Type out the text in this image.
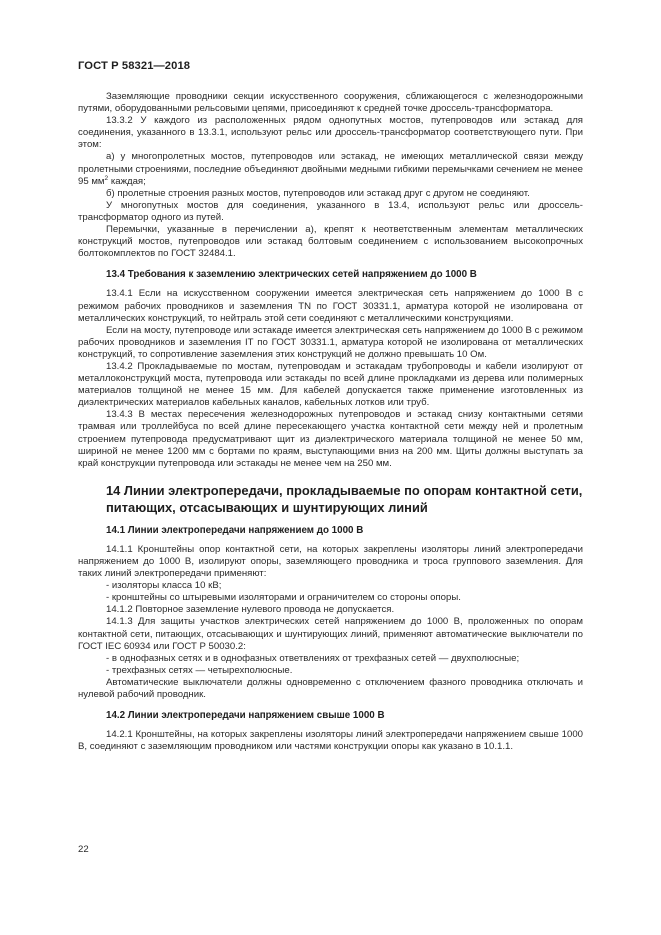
ГОСТ Р 58321—2018

Заземляющие проводники секции искусственного сооружения, сближающегося с железнодорожными путями, оборудованными рельсовыми цепями, присоединяют к средней точке дроссель-трансформатора.

13.3.2 У каждого из расположенных рядом однопутных мостов, путепроводов или эстакад для соединения, указанного в 13.3.1, используют рельс или дроссель-трансформатор соответствующего пути. При этом:

а) у многопролетных мостов, путепроводов или эстакад, не имеющих металлической связи между пролетными строениями, последние объединяют двойными медными гибкими перемычками сечением не менее 95 $мм^2$ каждая;

б) пролетные строения разных мостов, путепроводов или эстакад друг с другом не соединяют.

У многопутных мостов для соединения, указанного в 13.4, используют рельс или дроссель-трансформатор одного из путей.

Перемычки, указанные в перечислении а), крепят к неответственным элементам металлических конструкций мостов, путепроводов или эстакад болтовым соединением с использованием высокопрочных болтокомплектов по ГОСТ 32484.1.

13.4 Требования к заземлению электрических сетей напряжением до 1000 В

13.4.1 Если на искусственном сооружении имеется электрическая сеть напряжением до 1000 В с режимом рабочих проводников и заземления TN по ГОСТ 30331.1, арматура которой не изолирована от металлических конструкций, то нейтраль этой сети соединяют с металлическими конструкциями.

Если на мосту, путепроводе или эстакаде имеется электрическая сеть напряжением до 1000 В с режимом рабочих проводников и заземления IT по ГОСТ 30331.1, арматура которой не изолирована от металлических конструкций, то сопротивление заземления этих конструкций не должно превышать 10 Ом.

13.4.2 Прокладываемые по мостам, путепроводам и эстакадам трубопроводы и кабели изолируют от металлоконструкций моста, путепровода или эстакады по всей длине прокладками из дерева или полимерных материалов толщиной не менее 15 мм. Для кабелей допускается также применение изготовленных из диэлектрических материалов кабельных каналов, кабельных лотков или труб.

13.4.3 В местах пересечения железнодорожных путепроводов и эстакад снизу контактными сетями трамвая или троллейбуса по всей длине пересекающего участка контактной сети между ней и пролетным строением путепровода предусматривают щит из диэлектрического материала толщиной не менее 50 мм, шириной не менее 1200 мм с бортами по краям, выступающими вниз на 200 мм. Щиты должны выступать за край конструкции путепровода или эстакады не менее чем на 250 мм.

14 Линии электропередачи, прокладываемые по опорам контактной сети, питающих, отсасывающих и шунтирующих линий

14.1 Линии электропередачи напряжением до 1000 В

14.1.1 Кронштейны опор контактной сети, на которых закреплены изоляторы линий электропередачи напряжением до 1000 В, изолируют опоры, заземляющего проводника и троса группового заземления. Для таких линий электропередачи применяют:

- изоляторы класса 10 кВ;

- кронштейны со штыревыми изоляторами и ограничителем со стороны опоры.

14.1.2 Повторное заземление нулевого провода не допускается.

14.1.3 Для защиты участков электрических сетей напряжением до 1000 В, проложенных по опорам контактной сети, питающих, отсасывающих и шунтирующих линий, применяют автоматические выключатели по ГОСТ IEC 60934 или ГОСТ Р 50030.2:

- в однофазных сетях и в однофазных ответвлениях от трехфазных сетей — двухполюсные;

- трехфазных сетях — четырехполюсные.

Автоматические выключатели должны одновременно с отключением фазного проводника отключать и нулевой рабочий проводник.

14.2 Линии электропередачи напряжением свыше 1000 В

14.2.1 Кронштейны, на которых закреплены изоляторы линий электропередачи напряжением свыше 1000 В, соединяют с заземляющим проводником или частями конструкции опоры как указано в 10.1.1.

22
